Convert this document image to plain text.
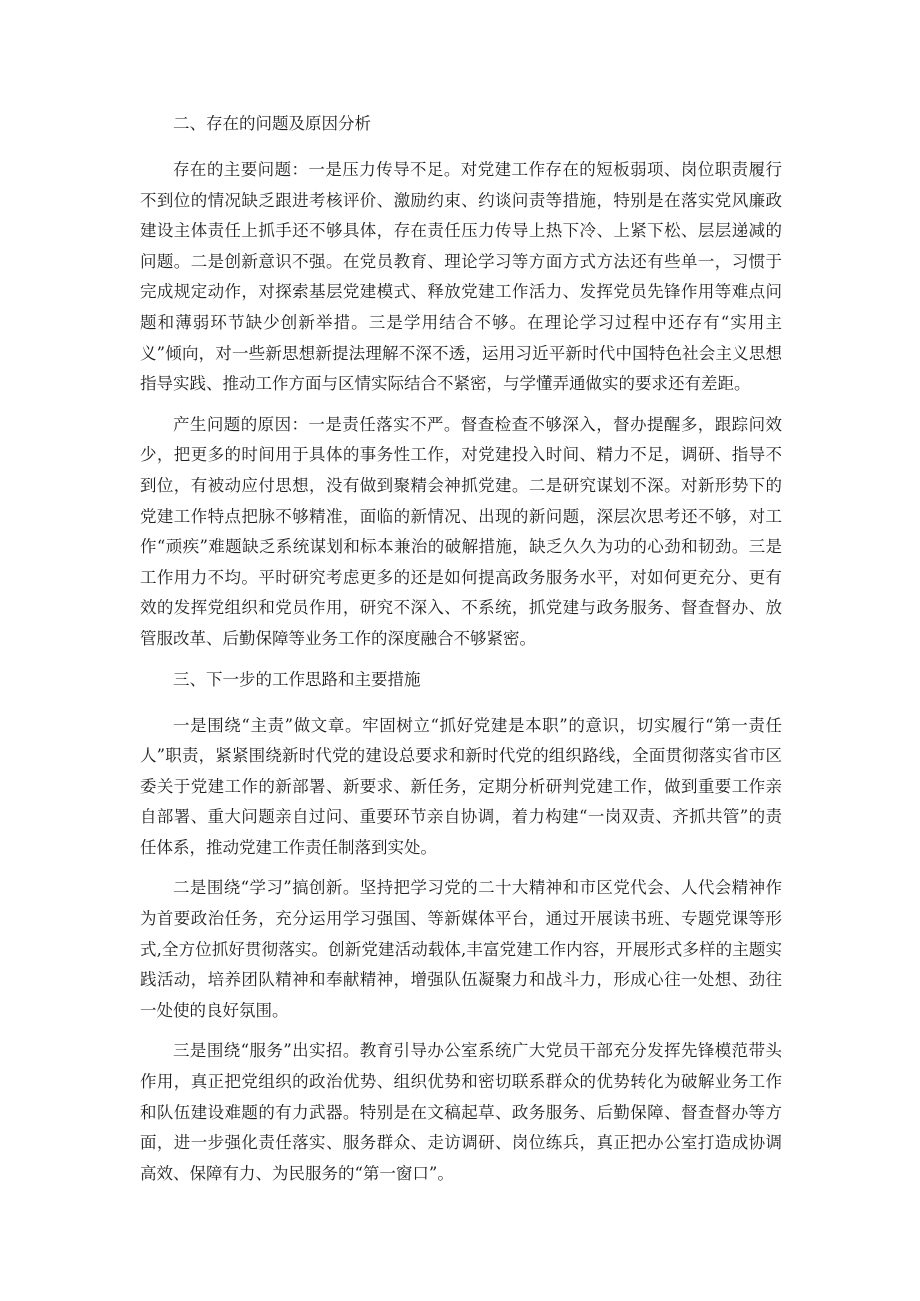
二、存在的问题及原因分析

存在的主要问题：一是压力传导不足。对党建工作存在的短板弱项、岗位职责履行不到位的情况缺乏跟进考核评价、激励约束、约谈问责等措施，特别是在落实党风廉政建设主体责任上抓手还不够具体，存在责任压力传导上热下冷、上紧下松、层层递减的问题。二是创新意识不强。在党员教育、理论学习等方面方式方法还有些单一，习惯于完成规定动作，对探索基层党建模式、释放党建工作活力、发挥党员先锋作用等难点问题和薄弱环节缺少创新举措。三是学用结合不够。在理论学习过程中还存有“实用主义”倾向，对一些新思想新提法理解不深不透，运用习近平新时代中国特色社会主义思想指导实践、推动工作方面与区情实际结合不紧密，与学懂弄通做实的要求还有差距。

产生问题的原因：一是责任落实不严。督查检查不够深入，督办提醒多，跟踪问效少，把更多的时间用于具体的事务性工作，对党建投入时间、精力不足，调研、指导不到位，有被动应付思想，没有做到聚精会神抓党建。二是研究谋划不深。对新形势下的党建工作特点把脉不够精准，面临的新情况、出现的新问题，深层次思考还不够，对工作“顽疾”难题缺乏系统谋划和标本兼治的破解措施，缺乏久久为功的心劲和韧劲。三是工作用力不均。平时研究考虑更多的还是如何提高政务服务水平，对如何更充分、更有效的发挥党组织和党员作用，研究不深入、不系统，抓党建与政务服务、督查督办、放管服改革、后勤保障等业务工作的深度融合不够紧密。

三、下一步的工作思路和主要措施

一是围绕“主责”做文章。牢固树立“抓好党建是本职”的意识，切实履行“第一责任人”职责，紧紧围绕新时代党的建设总要求和新时代党的组织路线，全面贯彻落实省市区委关于党建工作的新部署、新要求、新任务，定期分析研判党建工作，做到重要工作亲自部署、重大问题亲自过问、重要环节亲自协调，着力构建“一岗双责、齐抓共管”的责任体系，推动党建工作责任制落到实处。

二是围绕“学习”搞创新。坚持把学习党的二十大精神和市区党代会、人代会精神作为首要政治任务，充分运用学习强国、等新媒体平台，通过开展读书班、专题党课等形式,全方位抓好贯彻落实。创新党建活动载体,丰富党建工作内容，开展形式多样的主题实践活动，培养团队精神和奉献精神，增强队伍凝聚力和战斗力，形成心往一处想、劲往一处使的良好氛围。

三是围绕“服务”出实招。教育引导办公室系统广大党员干部充分发挥先锋模范带头作用，真正把党组织的政治优势、组织优势和密切联系群众的优势转化为破解业务工作和队伍建设难题的有力武器。特别是在文稿起草、政务服务、后勤保障、督查督办等方面，进一步强化责任落实、服务群众、走访调研、岗位练兵，真正把办公室打造成协调高效、保障有力、为民服务的“第一窗口”。
